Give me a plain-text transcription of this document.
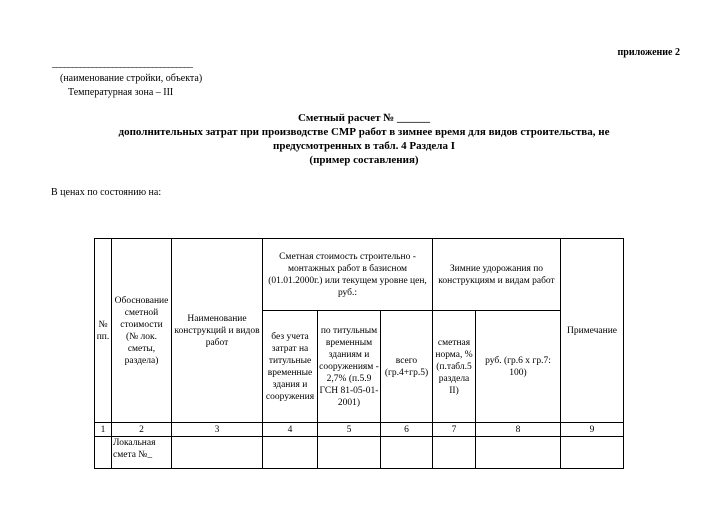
приложение 2
___________________________________
(наименование стройки, объекта)
Температурная зона – III
Сметный расчет № ______
дополнительных затрат при производстве СМР работ в зимнее время для видов строительства, не
предусмотренных в табл. 4 Раздела I
(пример составления)
В ценах по состоянию на:
№ пп.	Обоснование сметной стоимости (№ лок. сметы, раздела)	Наименование конструкций и видов работ	Сметная стоимость строительно - монтажных работ в базисном (01.01.2000г.) или текущем уровне цен, руб.:			Зимние удорожания по конструкциям и видам работ		Примечание
			без учета затрат на титульные временные здания и сооружения	по титульным временным зданиям и сооружениям - 2,7% (п.5.9 ГСН 81-05-01-2001)	всего (гр.4+гр.5)	сметная норма, % (п.табл.5 раздела II)	руб. (гр.6 х гр.7: 100)	
1	2	3	4	5	6	7	8	9
	Локальная смета №_							
